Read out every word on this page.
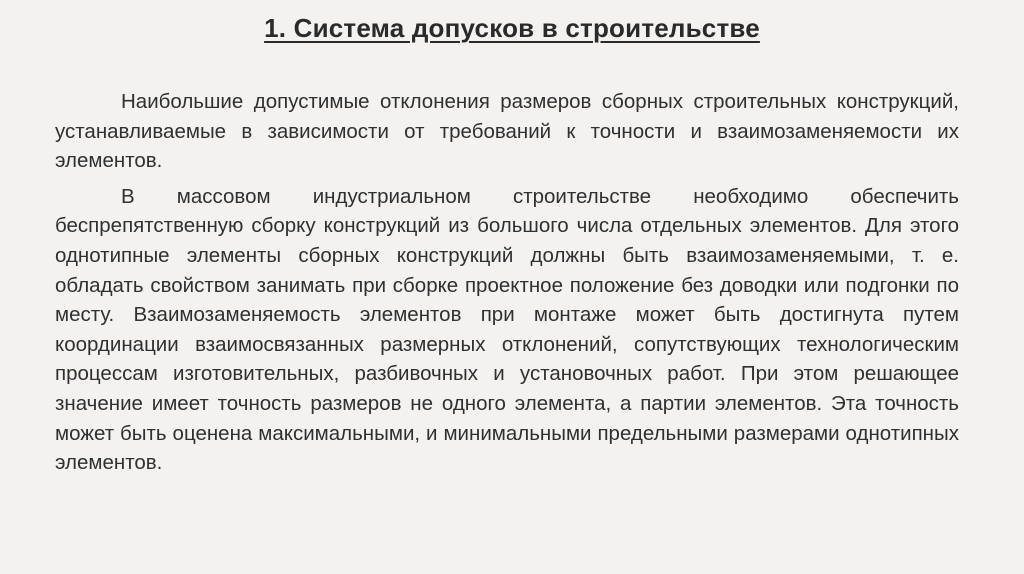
1. Система допусков в строительстве

Наибольшие допустимые отклонения размеров сборных строительных конструкций, устанавливаемые в зависимости от требований к точности и взаимозаменяемости их элементов.

В массовом индустриальном строительстве необходимо обеспечить беспрепятственную сборку конструкций из большого числа отдельных элементов. Для этого однотипные элементы сборных конструкций должны быть взаимозаменяемыми, т. е. обладать свойством занимать при сборке проектное положение без доводки или подгонки по месту. Взаимозаменяемость элементов при монтаже может быть достигнута путем координации взаимосвязанных размерных отклонений, сопутствующих технологическим процессам изготовительных, разбивочных и установочных работ. При этом решающее значение имеет точность размеров не одного элемента, а партии элементов. Эта точность может быть оценена максимальными, и минимальными предельными размерами однотипных элементов.
